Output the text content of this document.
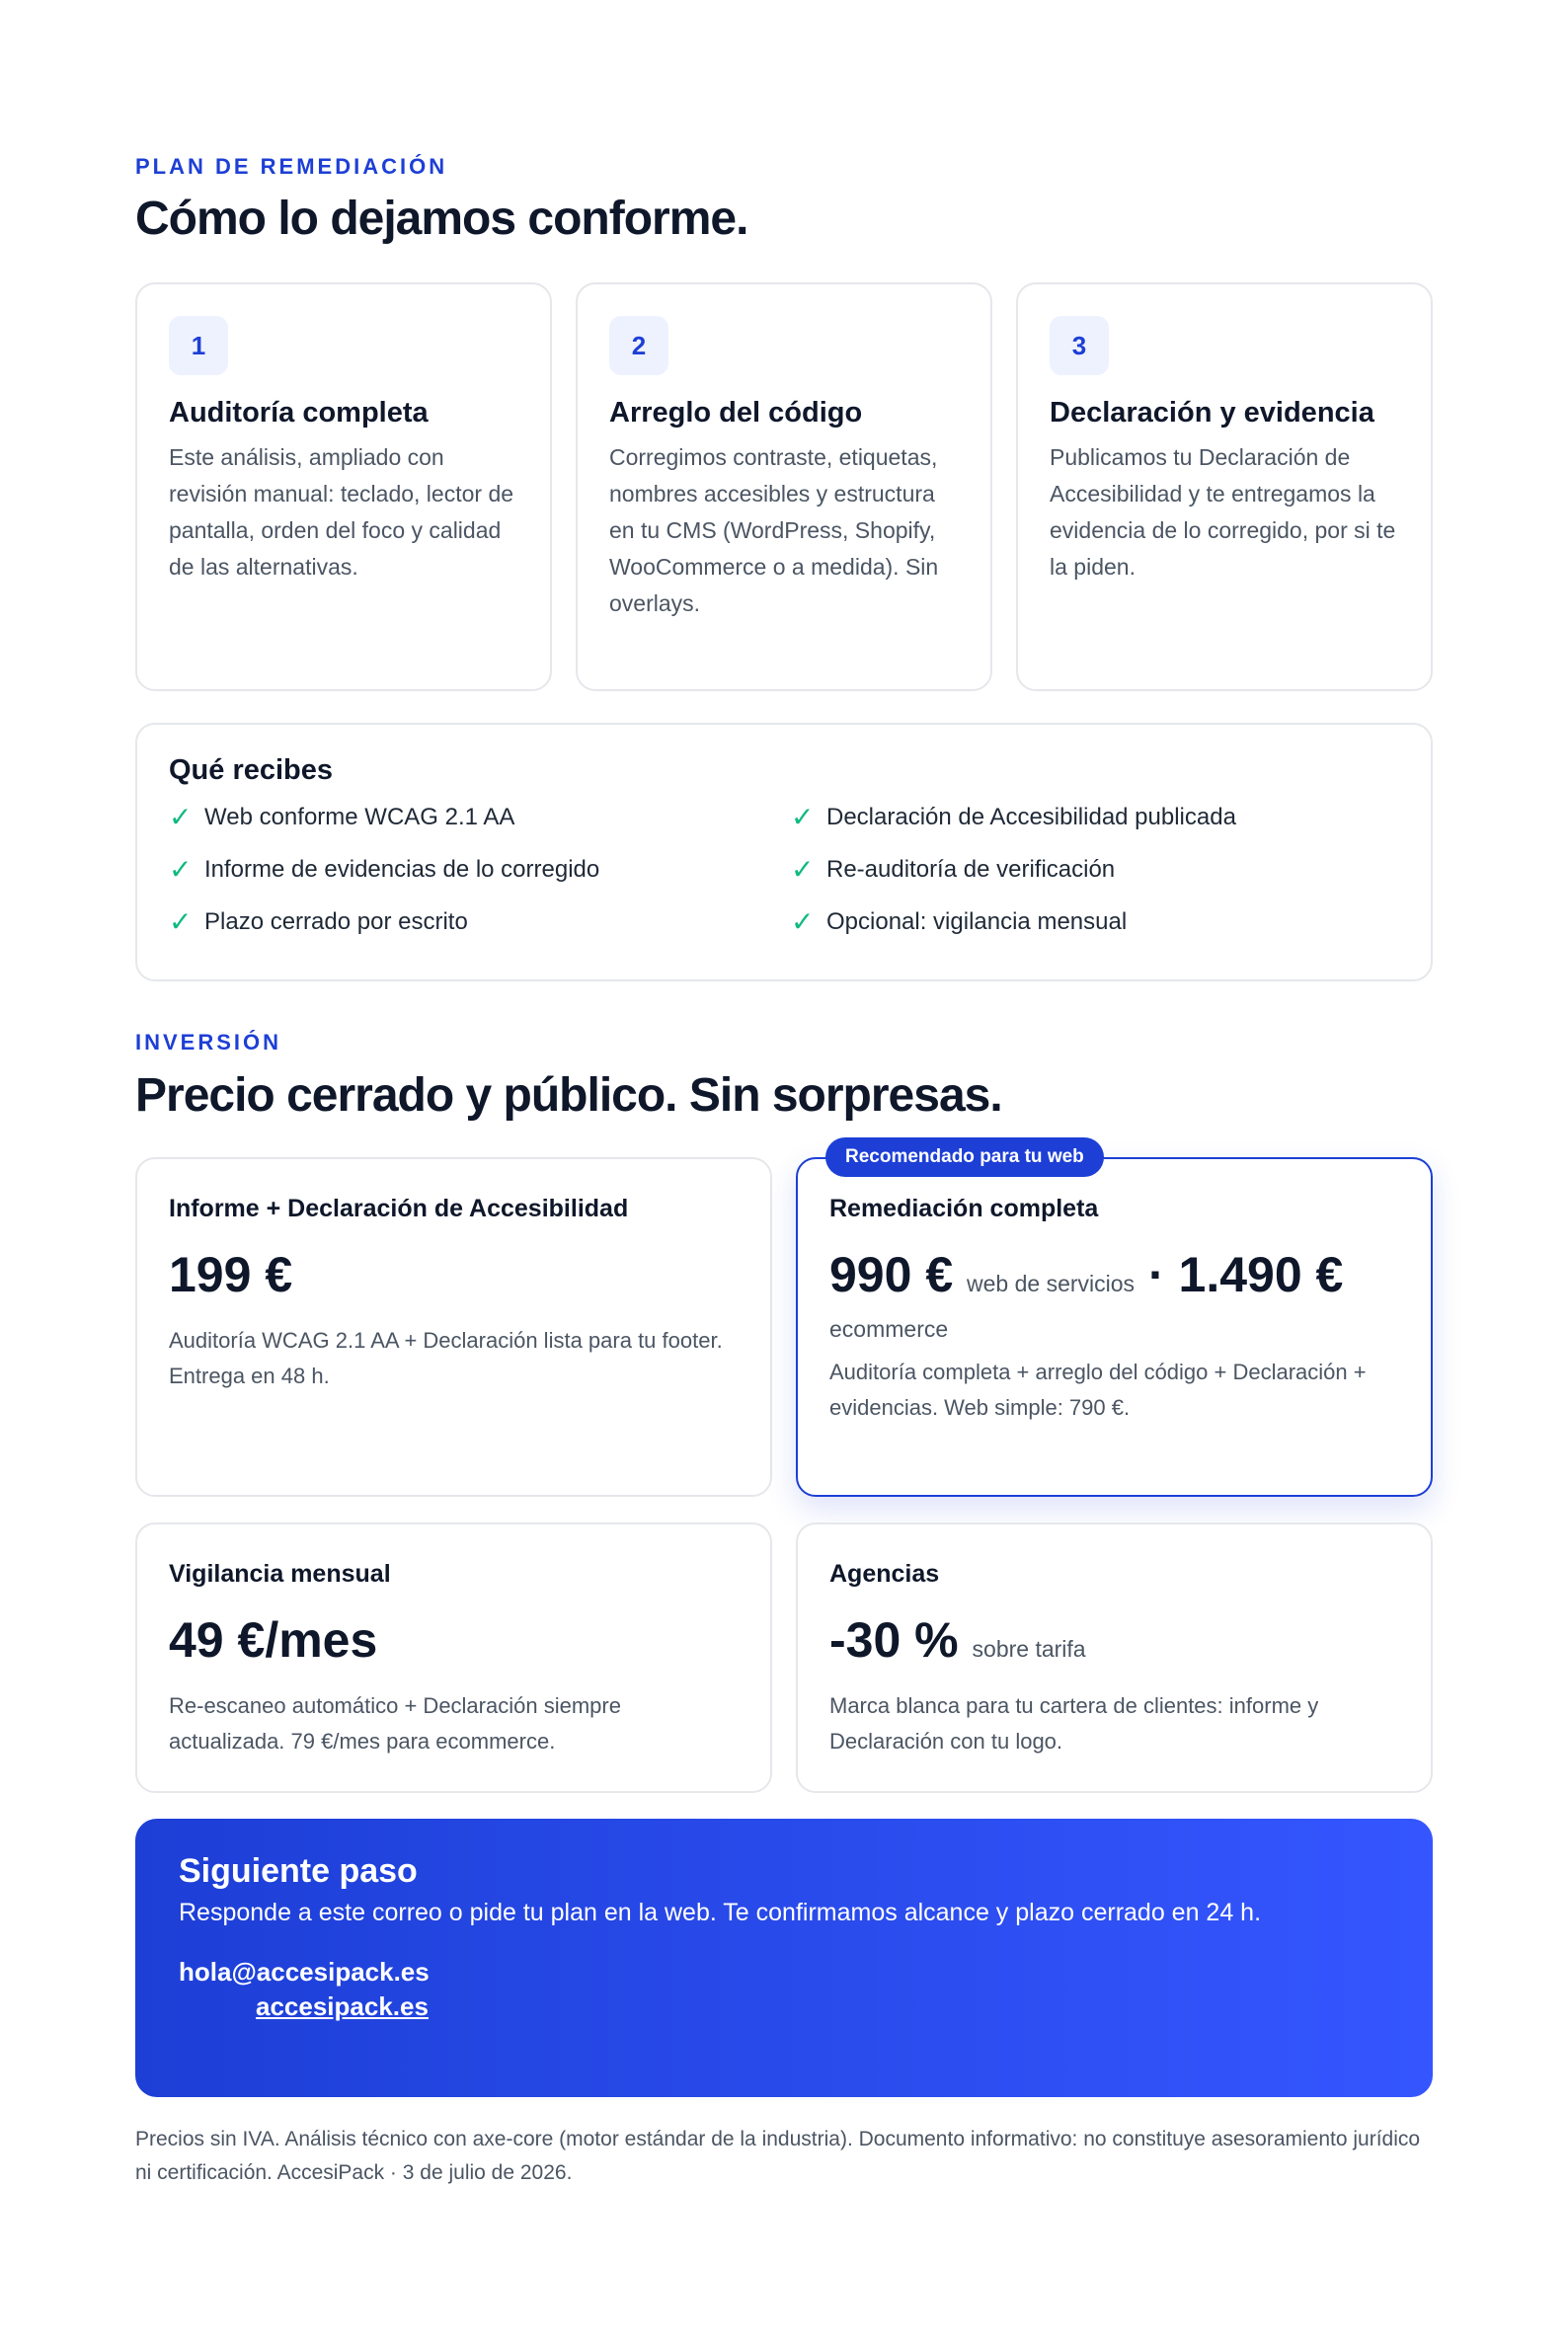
PLAN DE REMEDIACIÓN
Cómo lo dejamos conforme.
1
Auditoría completa
Este análisis, ampliado con revisión manual: teclado, lector de pantalla, orden del foco y calidad de las alternativas.
2
Arreglo del código
Corregimos contraste, etiquetas, nombres accesibles y estructura en tu CMS (WordPress, Shopify, WooCommerce o a medida). Sin overlays.
3
Declaración y evidencia
Publicamos tu Declaración de Accesibilidad y te entregamos la evidencia de lo corregido, por si te la piden.
Qué recibes
✓ Web conforme WCAG 2.1 AA	✓ Declaración de Accesibilidad publicada
✓ Informe de evidencias de lo corregido	✓ Re-auditoría de verificación
✓ Plazo cerrado por escrito	✓ Opcional: vigilancia mensual
INVERSIÓN
Precio cerrado y público. Sin sorpresas.
Informe + Declaración de Accesibilidad
199 €
Auditoría WCAG 2.1 AA + Declaración lista para tu footer. Entrega en 48 h.
Recomendado para tu web
Remediación completa
990 € web de servicios · 1.490 €
ecommerce
Auditoría completa + arreglo del código + Declaración + evidencias. Web simple: 790 €.
Vigilancia mensual
49 €/mes
Re-escaneo automático + Declaración siempre actualizada. 79 €/mes para ecommerce.
Agencias
-30 % sobre tarifa
Marca blanca para tu cartera de clientes: informe y Declaración con tu logo.
Siguiente paso
Responde a este correo o pide tu plan en la web. Te confirmamos alcance y plazo cerrado en 24 h.
hola@accesipack.es
accesipack.es
Precios sin IVA. Análisis técnico con axe-core (motor estándar de la industria). Documento informativo: no constituye asesoramiento jurídico ni certificación. AccesiPack · 3 de julio de 2026.
